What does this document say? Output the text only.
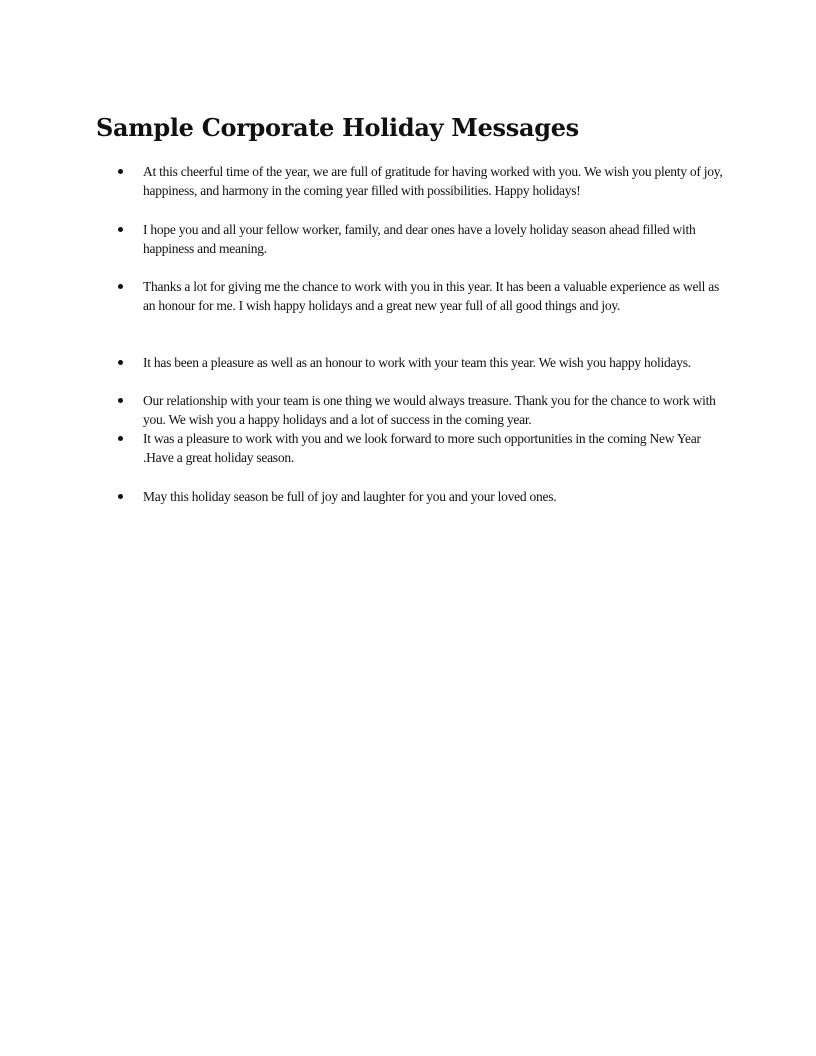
Sample Corporate Holiday Messages
At this cheerful time of the year, we are full of gratitude for having worked with you. We wish you plenty of joy, happiness, and harmony in the coming year filled with possibilities. Happy holidays!
I hope you and all your fellow worker, family, and dear ones have a lovely holiday season ahead filled with happiness and meaning.
Thanks a lot for giving me the chance to work with you in this year. It has been a valuable experience as well as an honour for me. I wish happy holidays and a great new year full of all good things and joy.
It has been a pleasure as well as an honour to work with your team this year. We wish you happy holidays.
Our relationship with your team is one thing we would always treasure. Thank you for the chance to work with you. We wish you a happy holidays and a lot of success in the coming year.
It was a pleasure to work with you and we look forward to more such opportunities in the coming New Year .Have a great holiday season.
May this holiday season be full of joy and laughter for you and your loved ones.
